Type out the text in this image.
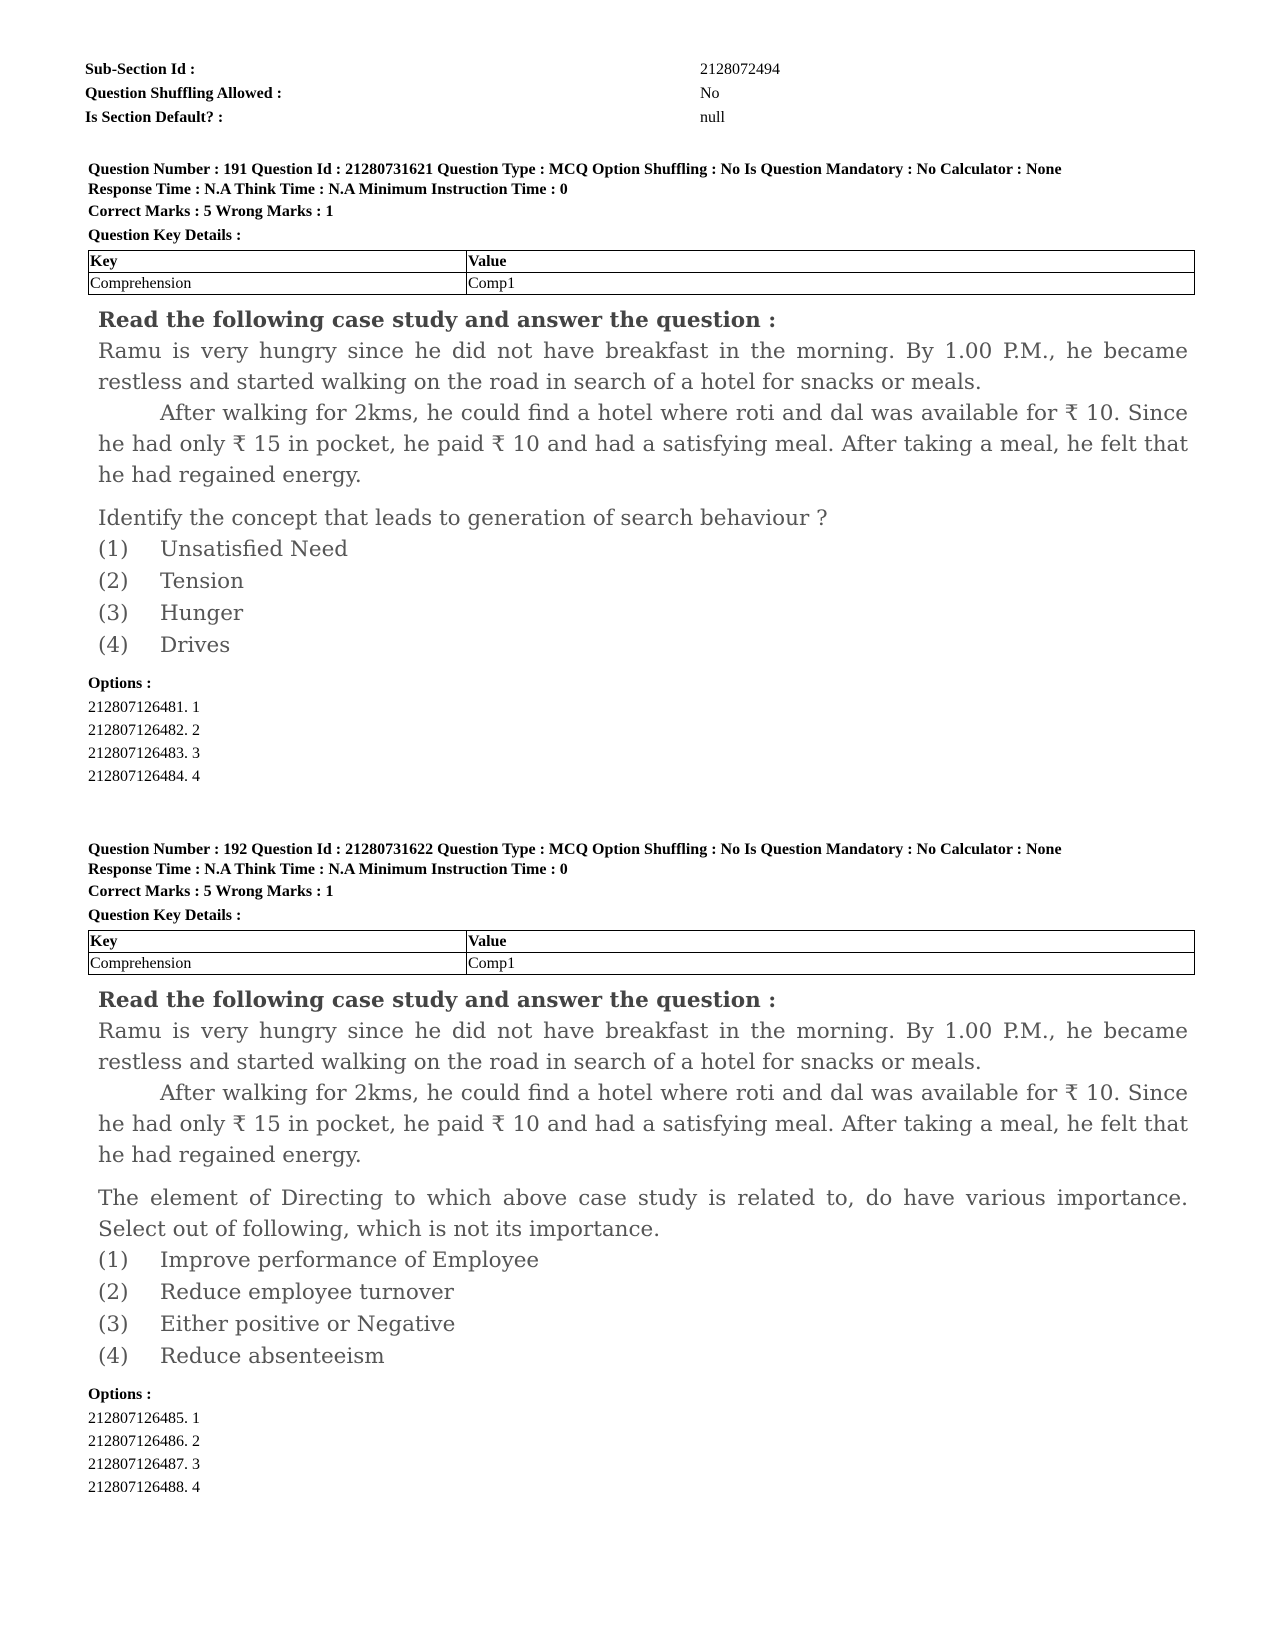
Sub-Section Id :	2128072494
Question Shuffling Allowed :	No
Is Section Default? :	null
Question Number : 191 Question Id : 21280731621 Question Type : MCQ Option Shuffling : No Is Question Mandatory : No Calculator : None
Response Time : N.A Think Time : N.A Minimum Instruction Time : 0
Correct Marks : 5 Wrong Marks : 1
Question Key Details :
Key	Value
Comprehension	Comp1

Read the following case study and answer the question :

Ramu is very hungry since he did not have breakfast in the morning. By 1.00 P.M., he became restless and started walking on the road in search of a hotel for snacks or meals.

After walking for 2kms, he could find a hotel where roti and dal was available for ₹ 10. Since he had only ₹ 15 in pocket, he paid ₹ 10 and had a satisfying meal. After taking a meal, he felt that he had regained energy.

Identify the concept that leads to generation of search behaviour ?

(1) Unsatisfied Need
(2) Tension
(3) Hunger
(4) Drives
Options :
212807126481. 1
212807126482. 2
212807126483. 3
212807126484. 4
Question Number : 192 Question Id : 21280731622 Question Type : MCQ Option Shuffling : No Is Question Mandatory : No Calculator : None
Response Time : N.A Think Time : N.A Minimum Instruction Time : 0
Correct Marks : 5 Wrong Marks : 1
Question Key Details :
Key	Value
Comprehension	Comp1

Read the following case study and answer the question :

Ramu is very hungry since he did not have breakfast in the morning. By 1.00 P.M., he became restless and started walking on the road in search of a hotel for snacks or meals.

After walking for 2kms, he could find a hotel where roti and dal was available for ₹ 10. Since he had only ₹ 15 in pocket, he paid ₹ 10 and had a satisfying meal. After taking a meal, he felt that he had regained energy.

The element of Directing to which above case study is related to, do have various importance. Select out of following, which is not its importance.

(1) Improve performance of Employee
(2) Reduce employee turnover
(3) Either positive or Negative
(4) Reduce absenteeism
Options :
212807126485. 1
212807126486. 2
212807126487. 3
212807126488. 4
